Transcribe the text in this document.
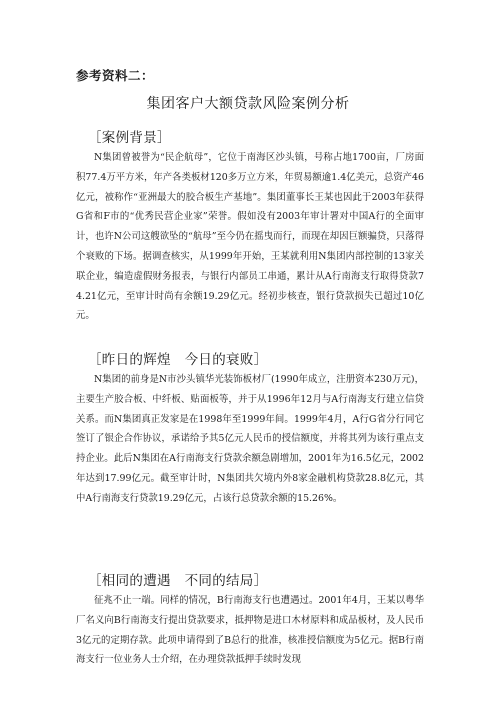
参考资料二：
集团客户大额贷款风险案例分析
［案例背景］

N集团曾被誉为“民企航母”，它位于南海区沙头镇，号称占地1700亩，厂房面积77.4万平方米，年产各类板材120多万立方米，年贸易额逾1.4亿美元，总资产46亿元，被称作“亚洲最大的胶合板生产基地”。集团董事长王某也因此于2003年获得G省和F市的“优秀民营企业家”荣誉。假如没有2003年审计署对中国A行的全面审计，也许N公司这艘欲坠的“航母”至今仍在摇曳而行，而现在却因巨额骗贷，只落得个衰败的下场。据调查核实，从1999年开始，王某就利用N集团内部控制的13家关联企业，编造虚假财务报表，与银行内部员工串通，累计从A行南海支行取得贷款74.21亿元，至审计时尚有余额19.29亿元。经初步核查，银行贷款损失已超过10亿元。

［昨日的辉煌　今日的衰败］

N集团的前身是N市沙头镇华光装饰板材厂(1990年成立，注册资本230万元)，主要生产胶合板、中纤板、贴面板等，并于从1996年12月与A行南海支行建立信贷关系。而N集团真正发家是在1998年至1999年间。1999年4月，A行G省分行同它签订了银企合作协议，承诺给予其5亿元人民币的授信额度，并将其列为该行重点支持企业。此后N集团在A行南海支行贷款余额急剧增加，2001年为16.5亿元，2002年达到17.99亿元。截至审计时，N集团共欠境内外8家金融机构贷款28.8亿元，其中A行南海支行贷款19.29亿元，占该行总贷款余额的15.26%。

［相同的遭遇　不同的结局］

征兆不止一端。同样的情况，B行南海支行也遭遇过。2001年4月，王某以粤华厂名义向B行南海支行提出贷款要求，抵押物是进口木材原料和成品板材，及人民币3亿元的定期存款。此项申请得到了B总行的批准，核准授信额度为5亿元。据B行南海支行一位业务人士介绍，在办理贷款抵押手续时发现
